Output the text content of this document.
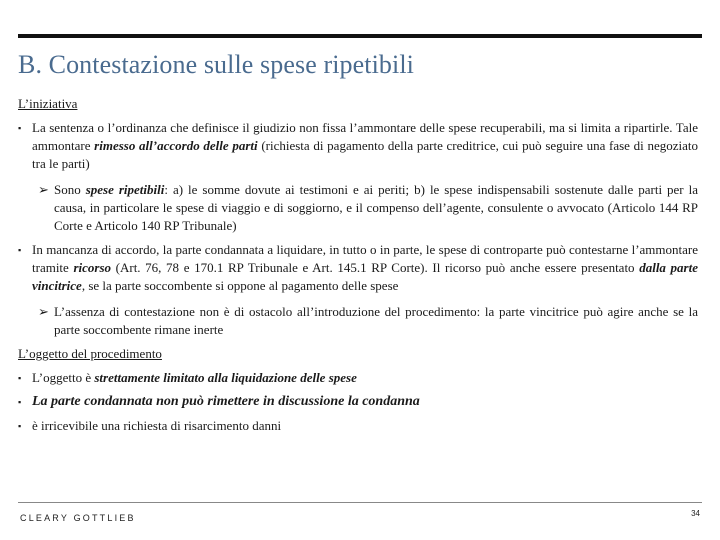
B. Contestazione sulle spese ripetibili
L’iniziativa
▪ La sentenza o l’ordinanza che definisce il giudizio non fissa l’ammontare delle spese recuperabili, ma si limita a ripartirle. Tale ammontare rimesso all’accordo delle parti (richiesta di pagamento della parte creditrice, cui può seguire una fase di negoziato tra le parti)
➢ Sono spese ripetibili: a) le somme dovute ai testimoni e ai periti; b) le spese indispensabili sostenute dalle parti per la causa, in particolare le spese di viaggio e di soggiorno, e il compenso dell’agente, consulente o avvocato (Articolo 144 RP Corte e Articolo 140 RP Tribunale)
▪ In mancanza di accordo, la parte condannata a liquidare, in tutto o in parte, le spese di controparte può contestarne l’ammontare tramite ricorso (Art. 76, 78 e 170.1 RP Tribunale e Art. 145.1 RP Corte). Il ricorso può anche essere presentato dalla parte vincitrice, se la parte soccombente si oppone al pagamento delle spese
➢ L’assenza di contestazione non è di ostacolo all’introduzione del procedimento: la parte vincitrice può agire anche se la parte soccombente rimane inerte
L’oggetto del procedimento
▪ L’oggetto è strettamente limitato alla liquidazione delle spese
▪ La parte condannata non può rimettere in discussione la condanna
▪ è irricevibile una richiesta di risarcimento danni
CLEARY GOTTLIEB	34
